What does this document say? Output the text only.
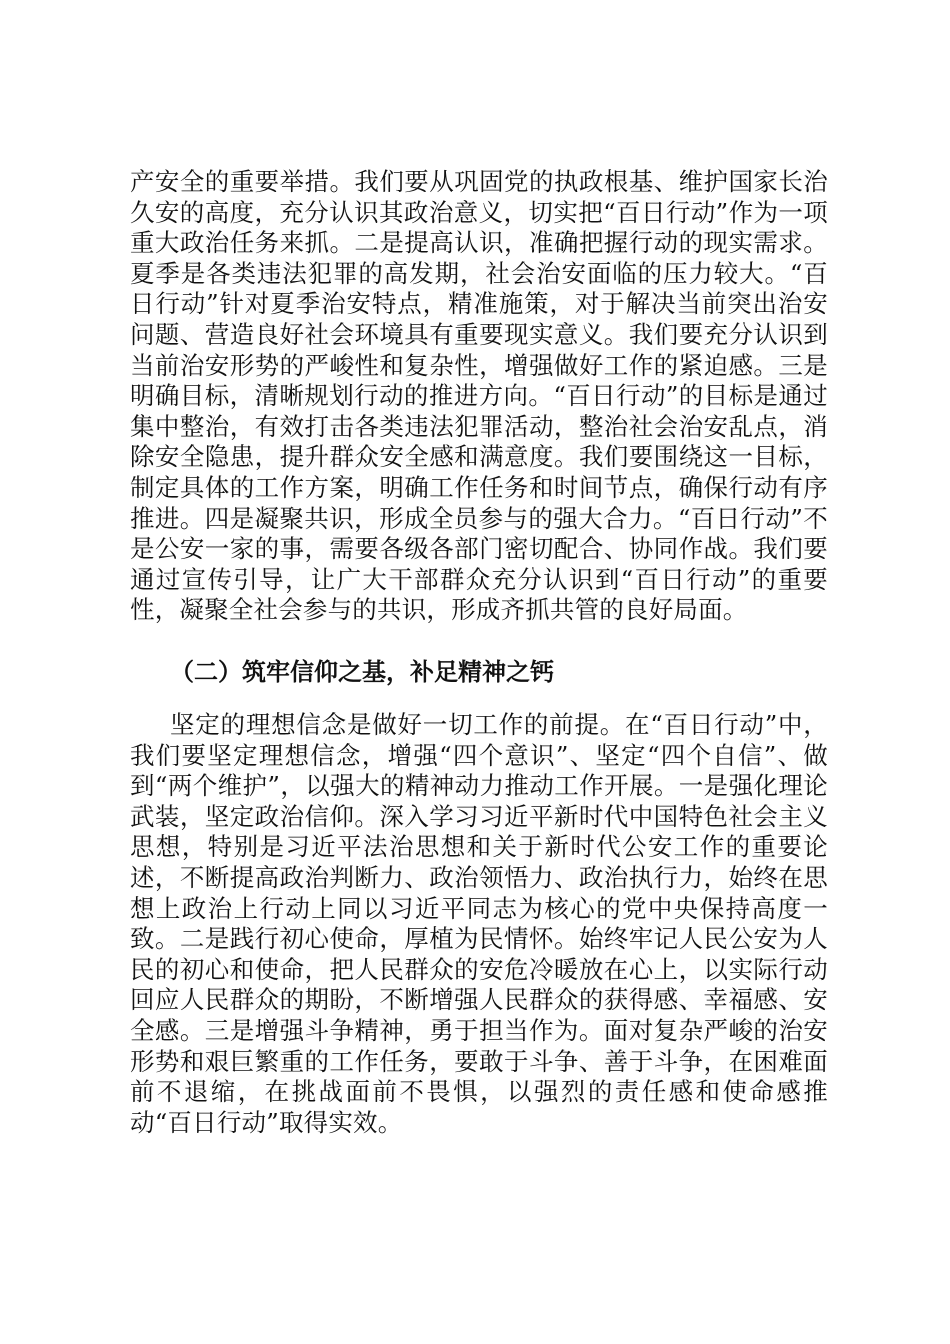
产安全的重要举措。我们要从巩固党的执政根基、维护国家长治久安的高度，充分认识其政治意义，切实把“百日行动”作为一项重大政治任务来抓。二是提高认识，准确把握行动的现实需求。夏季是各类违法犯罪的高发期，社会治安面临的压力较大。“百日行动”针对夏季治安特点，精准施策，对于解决当前突出治安问题、营造良好社会环境具有重要现实意义。我们要充分认识到当前治安形势的严峻性和复杂性，增强做好工作的紧迫感。三是明确目标，清晰规划行动的推进方向。“百日行动”的目标是通过集中整治，有效打击各类违法犯罪活动，整治社会治安乱点，消除安全隐患，提升群众安全感和满意度。我们要围绕这一目标，制定具体的工作方案，明确工作任务和时间节点，确保行动有序推进。四是凝聚共识，形成全员参与的强大合力。“百日行动”不是公安一家的事，需要各级各部门密切配合、协同作战。我们要通过宣传引导，让广大干部群众充分认识到“百日行动”的重要性，凝聚全社会参与的共识，形成齐抓共管的良好局面。

（二）筑牢信仰之基，补足精神之钙

坚定的理想信念是做好一切工作的前提。在“百日行动”中，我们要坚定理想信念，增强“四个意识”、坚定“四个自信”、做到“两个维护”，以强大的精神动力推动工作开展。一是强化理论武装，坚定政治信仰。深入学习习近平新时代中国特色社会主义思想，特别是习近平法治思想和关于新时代公安工作的重要论述，不断提高政治判断力、政治领悟力、政治执行力，始终在思想上政治上行动上同以习近平同志为核心的党中央保持高度一致。二是践行初心使命，厚植为民情怀。始终牢记人民公安为人民的初心和使命，把人民群众的安危冷暖放在心上，以实际行动回应人民群众的期盼，不断增强人民群众的获得感、幸福感、安全感。三是增强斗争精神，勇于担当作为。面对复杂严峻的治安形势和艰巨繁重的工作任务，要敢于斗争、善于斗争，在困难面前不退缩，在挑战面前不畏惧，以强烈的责任感和使命感推动“百日行动”取得实效。
